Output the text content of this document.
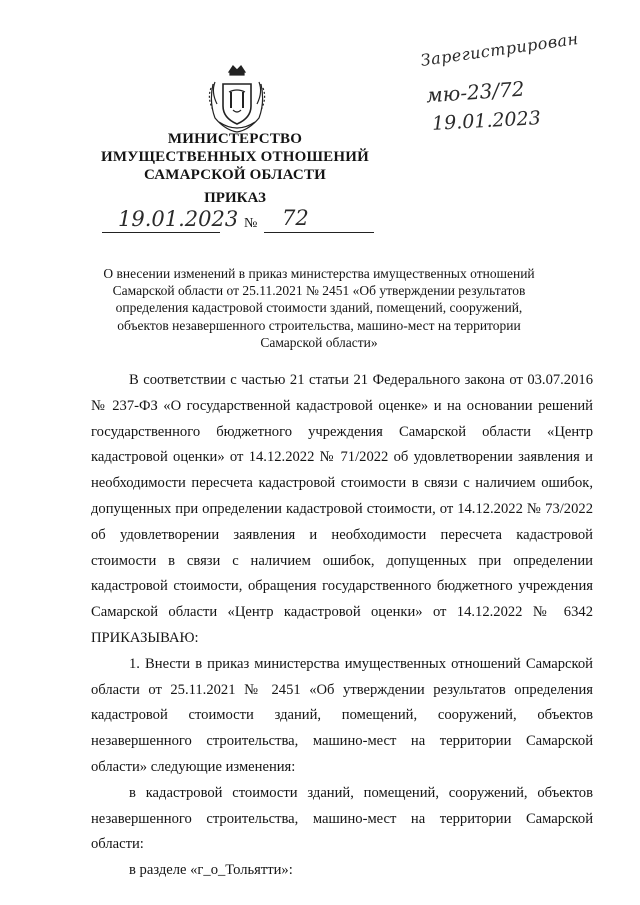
Зарегистрирован
мю-23/72
19.01.2023
МИНИСТЕРСТВО
ИМУЩЕСТВЕННЫХ ОТНОШЕНИЙ
САМАРСКОЙ ОБЛАСТИ
ПРИКАЗ
19.01.2023 № 72
О внесении изменений в приказ министерства имущественных отношений Самарской области от 25.11.2021 № 2451 «Об утверждении результатов определения кадастровой стоимости зданий, помещений, сооружений, объектов незавершенного строительства, машино-мест на территории Самарской области»

В соответствии с частью 21 статьи 21 Федерального закона от 03.07.2016 № 237-ФЗ «О государственной кадастровой оценке» и на основании решений государственного бюджетного учреждения Самарской области «Центр кадастровой оценки» от 14.12.2022 № 71/2022 об удовлетворении заявления и необходимости пересчета кадастровой стоимости в связи с наличием ошибок, допущенных при определении кадастровой стоимости, от 14.12.2022 № 73/2022 об удовлетворении заявления и необходимости пересчета кадастровой стоимости в связи с наличием ошибок, допущенных при определении кадастровой стоимости, обращения государственного бюджетного учреждения Самарской области «Центр кадастровой оценки» от 14.12.2022 № 6342 ПРИКАЗЫВАЮ:

1. Внести в приказ министерства имущественных отношений Самарской области от 25.11.2021 № 2451 «Об утверждении результатов определения кадастровой стоимости зданий, помещений, сооружений, объектов незавершенного строительства, машино-мест на территории Самарской области» следующие изменения:

в кадастровой стоимости зданий, помещений, сооружений, объектов незавершенного строительства, машино-мест на территории Самарской области:

в разделе «г_о_Тольятти»:
